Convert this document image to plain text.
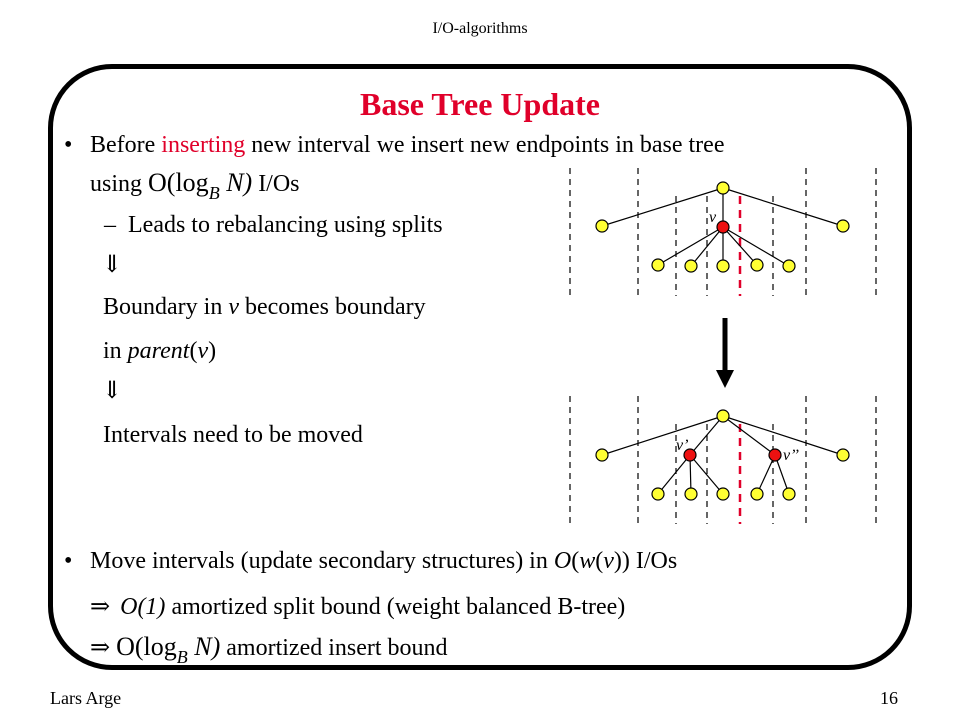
I/O-algorithms
Base Tree Update
• Before inserting new interval we insert new endpoints in base tree
using $O(\log_B$ N) I/Os
– Leads to rebalancing using splits
⇓
Boundary in v becomes boundary
in parent(v)
⇓
Intervals need to be moved
• Move intervals (update secondary structures) in O(w(v)) I/Os
⇒ O(1) amortized split bound (weight balanced B-tree)
⇒ $O(\log_B$ N) amortized insert bound
v
v’
v’’
Lars Arge	16
